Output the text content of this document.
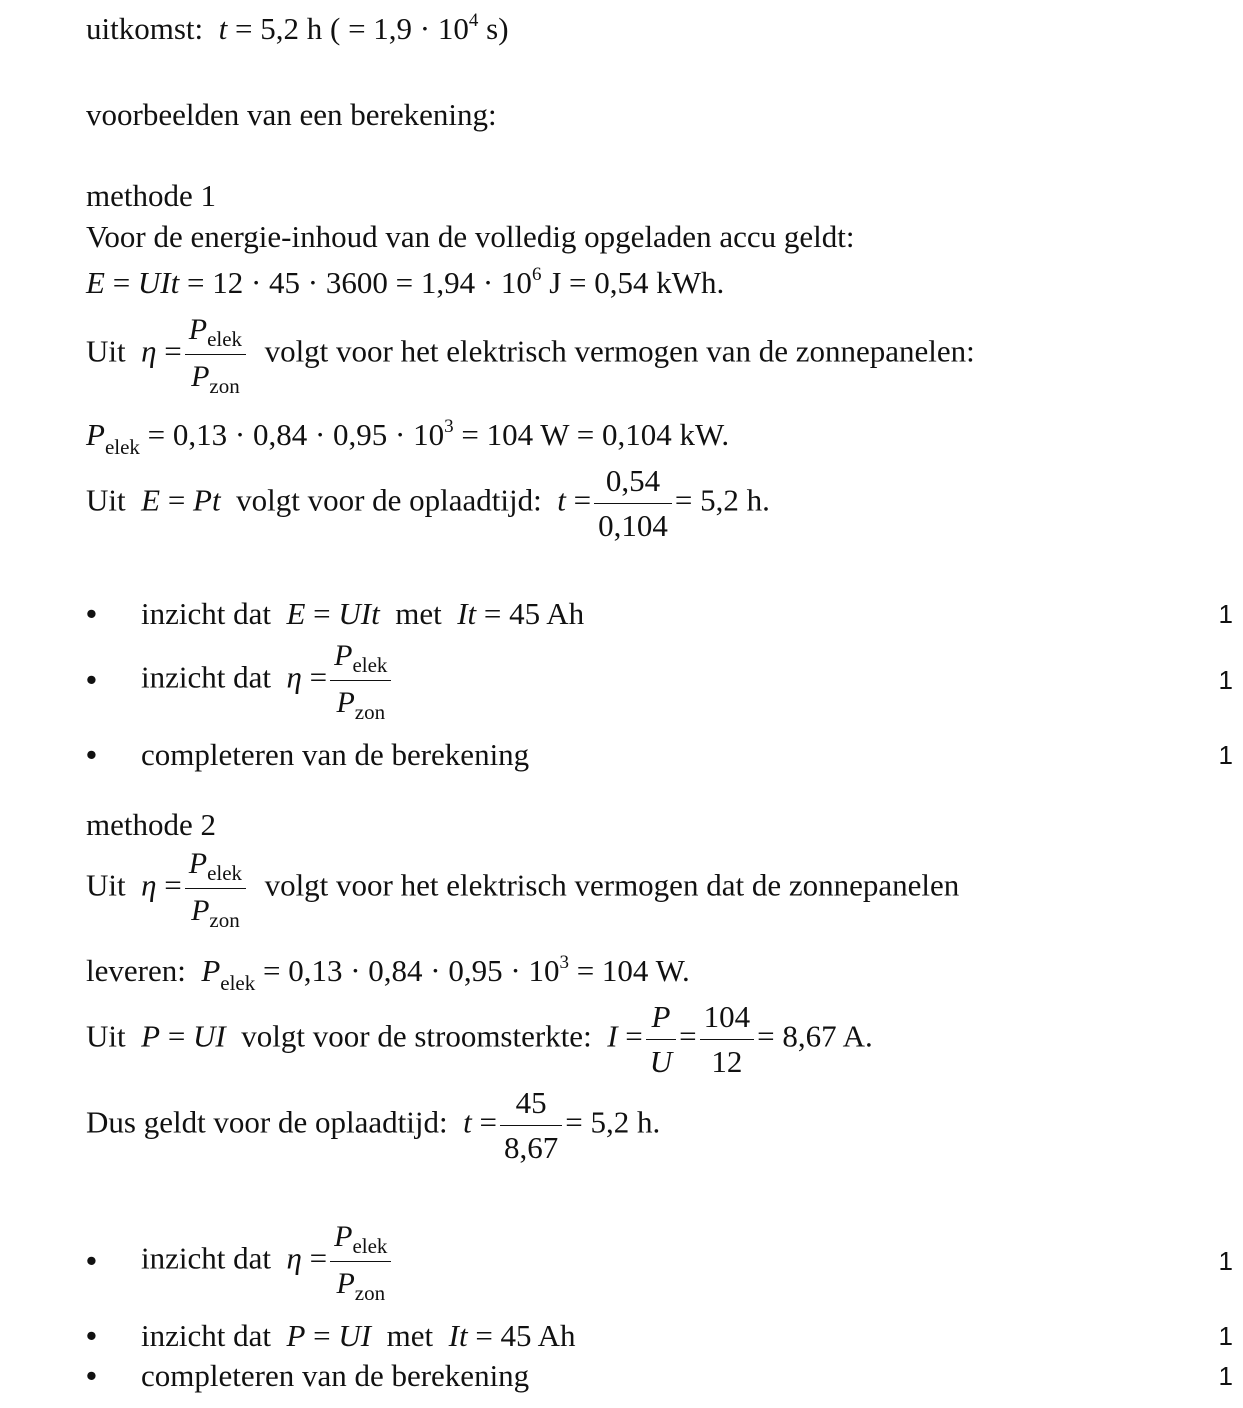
uitkomst: t = 5,2 h ( = $1,9 \cdot 10^4$ s)
voorbeelden van een berekening:
methode 1
Voor de energie-inhoud van de volledig opgeladen accu geldt:
E = UIt = $12 \cdot 45 \cdot 3600 = 1,94 \cdot 10^6$ J = 0,54 kWh.
Uit $\eta = \frac{P_{elek}}{P_{zon}}$ volgt voor het elektrisch vermogen van de zonnepanelen:
$P_{elek} = 0,13 \cdot 0,84 \cdot 0,95 \cdot 10^3 = 104$ W = 0,104 kW.
Uit E = Pt volgt voor de oplaadtijd: $t = \frac{0,54}{0,104} = 5,2$ h.
• inzicht dat E = UIt met It = 45 Ah	1
• inzicht dat $\eta = \frac{P_{elek}}{P_{zon}}$	1
• completeren van de berekening	1
methode 2
Uit $\eta = \frac{P_{elek}}{P_{zon}}$ volgt voor het elektrisch vermogen dat de zonnepanelen
leveren: $P_{elek} = 0,13 \cdot 0,84 \cdot 0,95 \cdot 10^3 = 104$ W.
Uit P = UI volgt voor de stroomsterkte: $I = \frac{P}{U} = \frac{104}{12} = 8,67$ A.
Dus geldt voor de oplaadtijd: $t = \frac{45}{8,67} = 5,2$ h.
• inzicht dat $\eta = \frac{P_{elek}}{P_{zon}}$	1
• inzicht dat P = UI met It = 45 Ah	1
• completeren van de berekening	1
